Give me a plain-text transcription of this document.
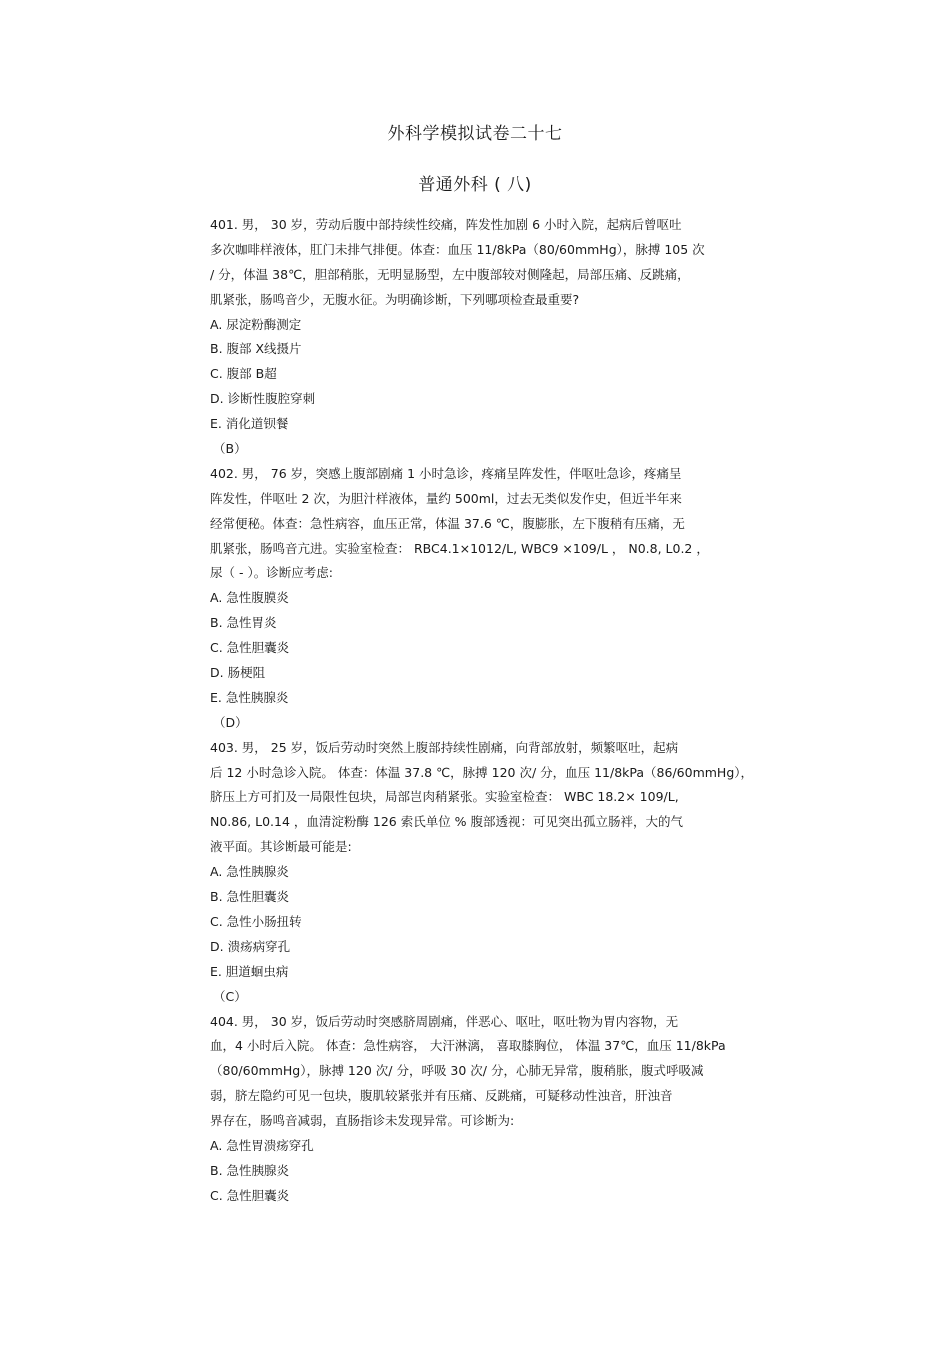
外科学模拟试卷二十七
普通外科 ( 八)
401. 男， 30 岁，劳动后腹中部持续性绞痛，阵发性加剧 6 小时入院，起病后曾呕吐
多次咖啡样液体，肛门未排气排便。体查：血压 11/8kPa（80/60mmHg），脉搏 105 次
/ 分，体温 38℃，胆部稍胀，无明显肠型，左中腹部较对侧隆起，局部压痛、反跳痛，
肌紧张，肠鸣音少，无腹水征。为明确诊断，下列哪项检查最重要?
A. 尿淀粉酶测定
B. 腹部 X线摄片
C. 腹部 B超
D. 诊断性腹腔穿刺
E. 消化道钡餐
（B）
402. 男， 76 岁，突感上腹部剧痛 1 小时急诊，疼痛呈阵发性，伴呕吐急诊，疼痛呈
阵发性，伴呕吐 2 次，为胆汁样液体，量约 500ml，过去无类似发作史，但近半年来
经常便秘。体查：急性病容，血压正常，体温 37.6 ℃，腹膨胀，左下腹稍有压痛，无
肌紧张，肠鸣音亢进。实验室检查： RBC4.1×1012/L, WBC9 ×109/L ， N0.8, L0.2 ，
尿（ - ）。诊断应考虑:
A. 急性腹膜炎
B. 急性胃炎
C. 急性胆囊炎
D. 肠梗阻
E. 急性胰腺炎
（D）
403. 男， 25 岁，饭后劳动时突然上腹部持续性剧痛，向背部放射，频繁呕吐，起病
后 12 小时急诊入院。 体查：体温 37.8 ℃，脉搏 120 次/ 分，血压 11/8kPa（86/60mmHg），
脐压上方可扪及一局限性包块，局部岂肉稍紧张。实验室检查： WBC 18.2× 109/L,
N0.86, L0.14 ，血清淀粉酶 126 索氏单位 % 腹部透视：可见突出孤立肠袢，大的气
液平面。其诊断最可能是:
A. 急性胰腺炎
B. 急性胆囊炎
C. 急性小肠扭转
D. 溃疡病穿孔
E. 胆道蛔虫病
（C）
404. 男， 30 岁，饭后劳动时突感脐周剧痛，伴恶心、呕吐，呕吐物为胃内容物，无
血，4 小时后入院。 体查：急性病容， 大汗淋漓， 喜取膝胸位， 体温 37℃，血压 11/8kPa
（80/60mmHg），脉搏 120 次/ 分，呼吸 30 次/ 分，心肺无异常，腹稍胀，腹式呼吸减
弱，脐左隐约可见一包块，腹肌较紧张并有压痛、反跳痛，可疑移动性浊音，肝浊音
界存在，肠鸣音减弱，直肠指诊未发现异常。可诊断为:
A. 急性胃溃疡穿孔
B. 急性胰腺炎
C. 急性胆囊炎
